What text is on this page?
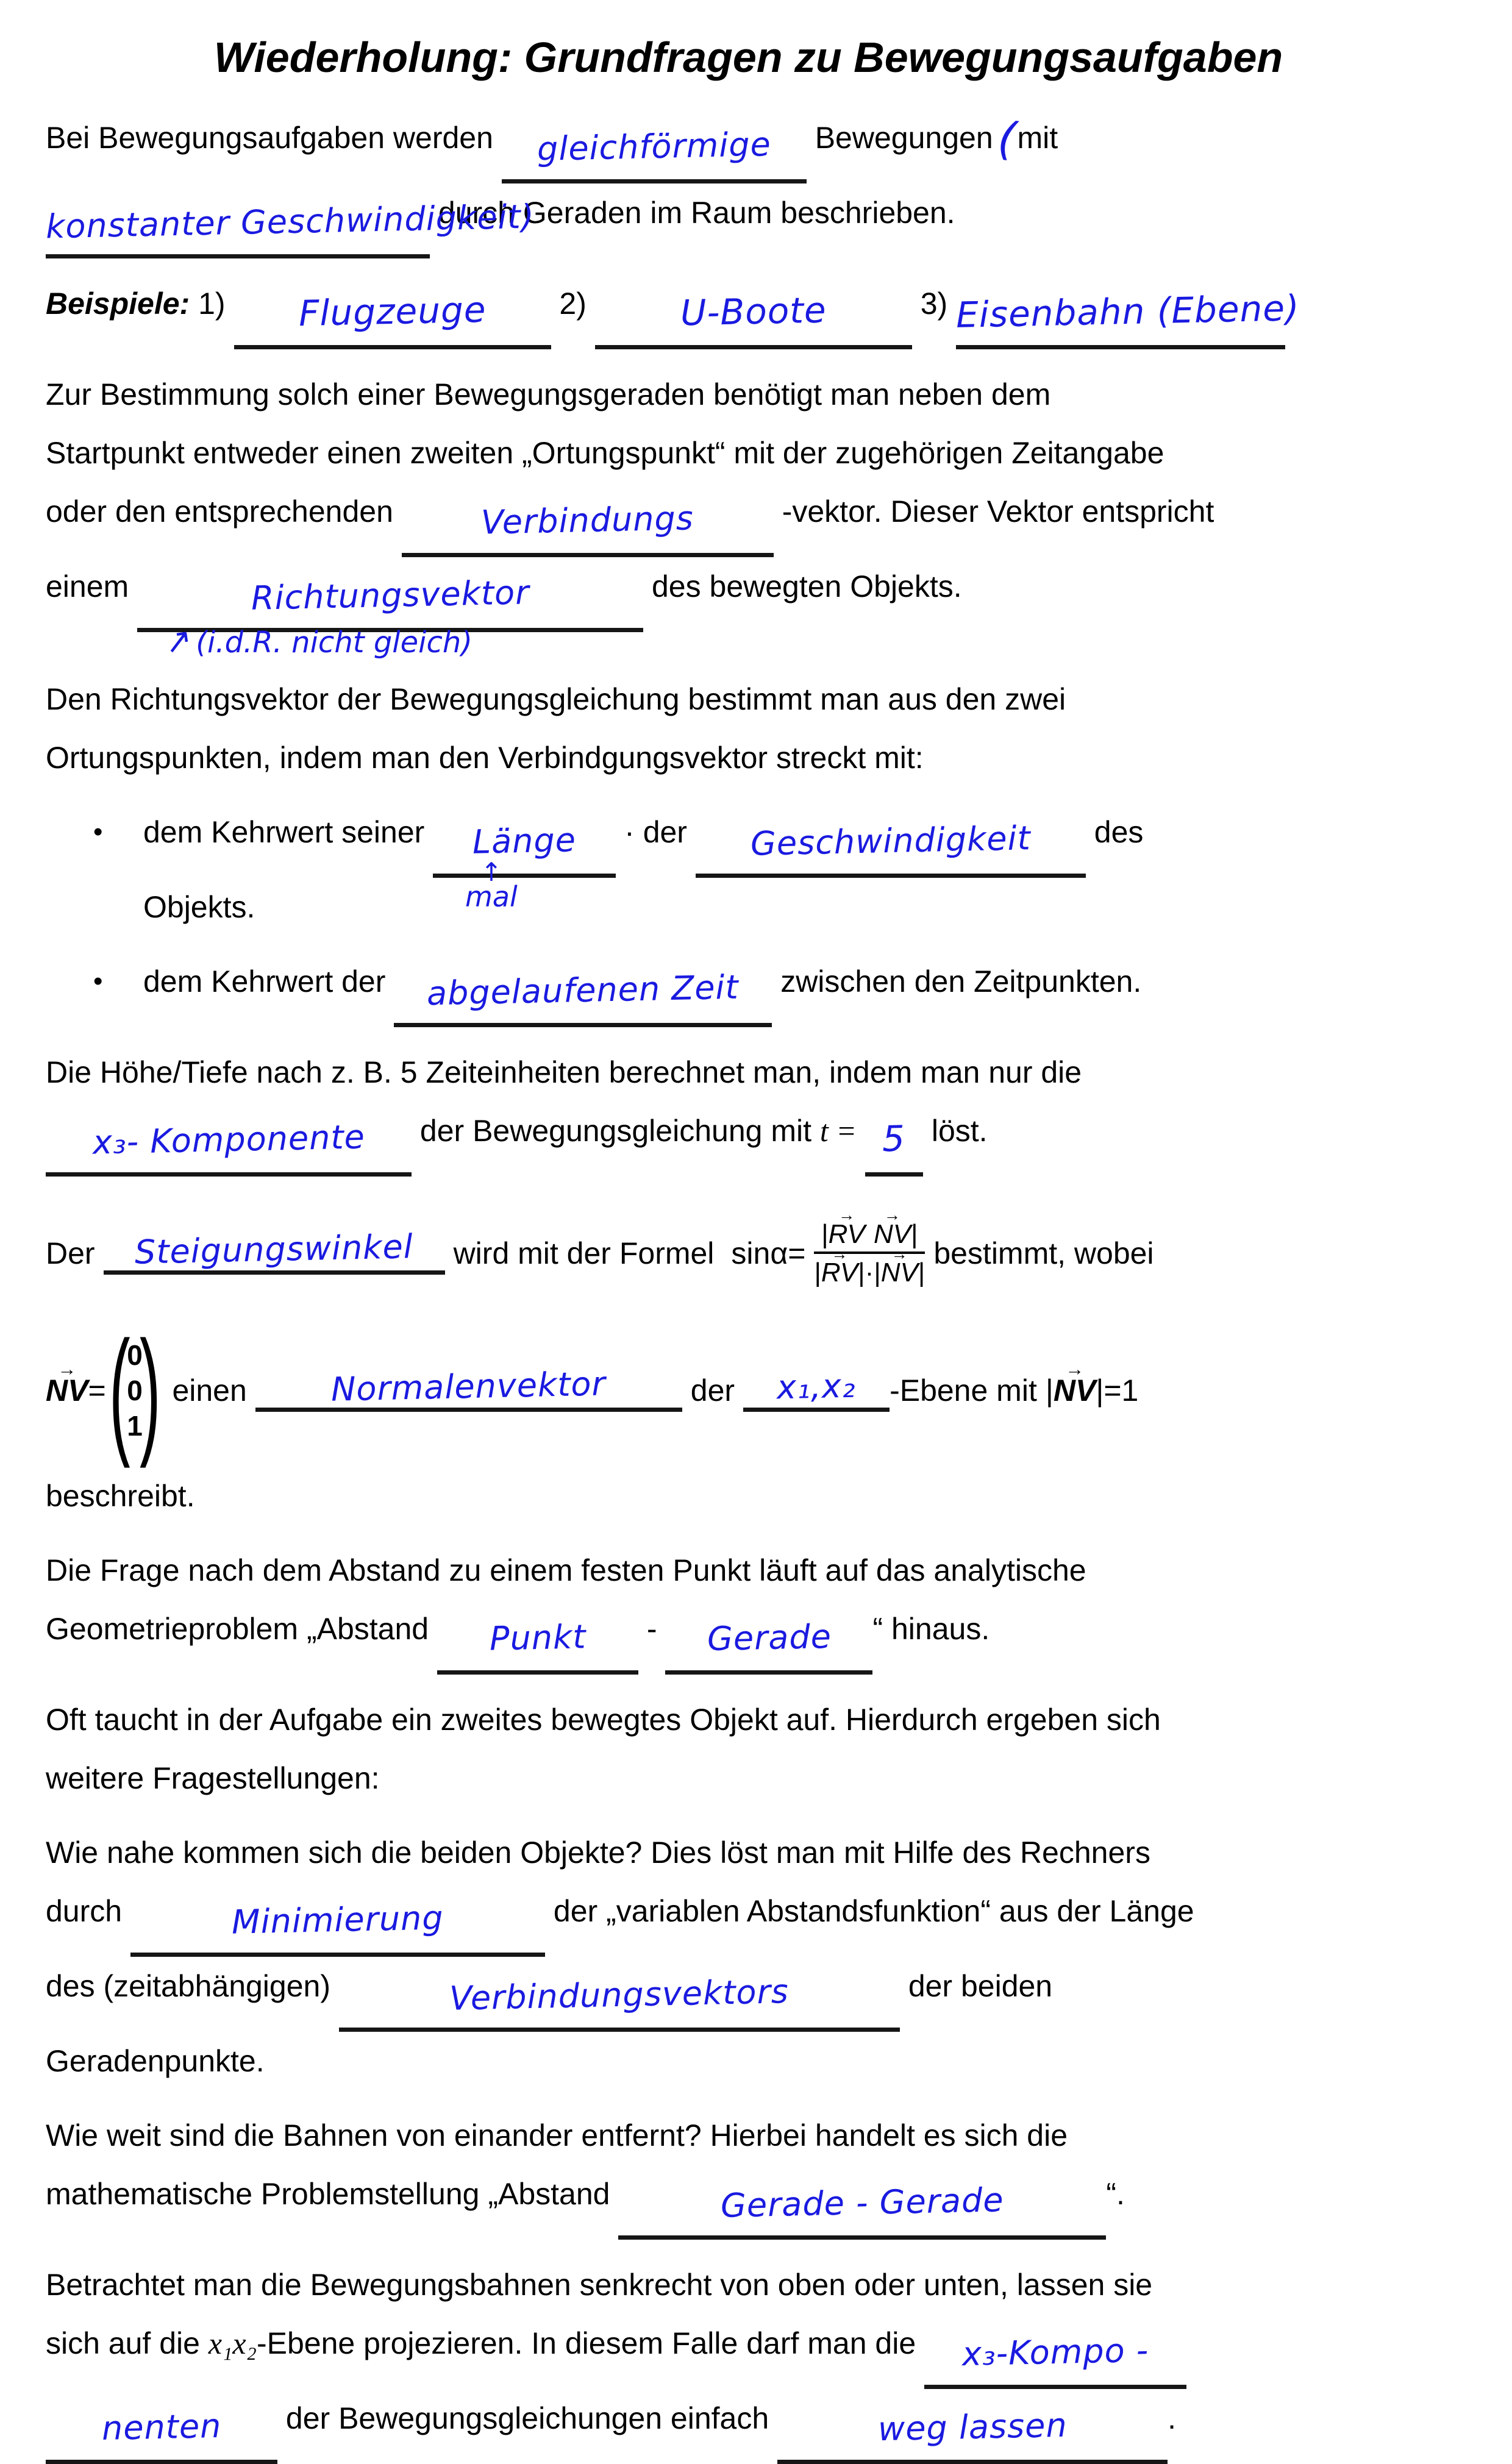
Wiederholung: Grundfragen zu Bewegungsaufgaben

Bei Bewegungsaufgaben werden gleichförmige Bewegungen(mit

konstanter Geschwindigkeit) durch Geraden im Raum beschrieben.

Beispiele: 1) Flugzeuge 2)	U-Boote	3) Eisenbahn (Ebene)

Zur Bestimmung solch einer Bewegungsgeraden benötigt man neben dem

Startpunkt entweder einen zweiten „Ortungspunkt“ mit der zugehörigen Zeitangabe

oder den entsprechenden	Verbindungs	-vektor. Dieser Vektor entspricht

einem	Richtungsvektor	des bewegten Objekts.

↗(i.d.R. nicht gleich)

Den Richtungsvektor der Bewegungsgleichung bestimmt man aus den zwei

Ortungspunkten, indem man den Verbindgungsvektor streckt mit:

• dem Kehrwert seiner Länge · der Geschwindigkeit des
Objekts.
↑
mal
• dem Kehrwert der abgelaufenen Zeit zwischen den Zeitpunkten.

Die Höhe/Tiefe nach z. B. 5 Zeiteinheiten berechnet man, indem man nur die

x₃- Komponente der Bewegungsgleichung mit t = 5 löst.

Der	Steigungswinkel	wird mit der Formel $\sin\alpha= \frac{|RV \to NV \to|}{|RV \to|\cdot|NV \to|}$ bestimmt, wobei
NV → = (
0
0
1
) einen	Normalenvektor	der	x₁,x₂	-Ebene mit |NV →|=1

beschreibt.

Die Frage nach dem Abstand zu einem festen Punkt läuft auf das analytische

Geometrieproblem „Abstand Punkt - Gerade “ hinaus.

Oft taucht in der Aufgabe ein zweites bewegtes Objekt auf. Hierdurch ergeben sich

weitere Fragestellungen:

Wie nahe kommen sich die beiden Objekte? Dies löst man mit Hilfe des Rechners

durch	Minimierung	der „variablen Abstandsfunktion“ aus der Länge

des (zeitabhängigen)	Verbindungsvektors	der beiden

Geradenpunkte.

Wie weit sind die Bahnen von einander entfernt? Hierbei handelt es sich die

mathematische Problemstellung „Abstand	Gerade - Gerade	“.

Betrachtet man die Bewegungsbahnen senkrecht von oben oder unten, lassen sie

sich auf die x₁x₂-Ebene projezieren. In diesem Falle darf man die x₃-Kompo -

nenten der Bewegungsgleichungen einfach	weg lassen	.
